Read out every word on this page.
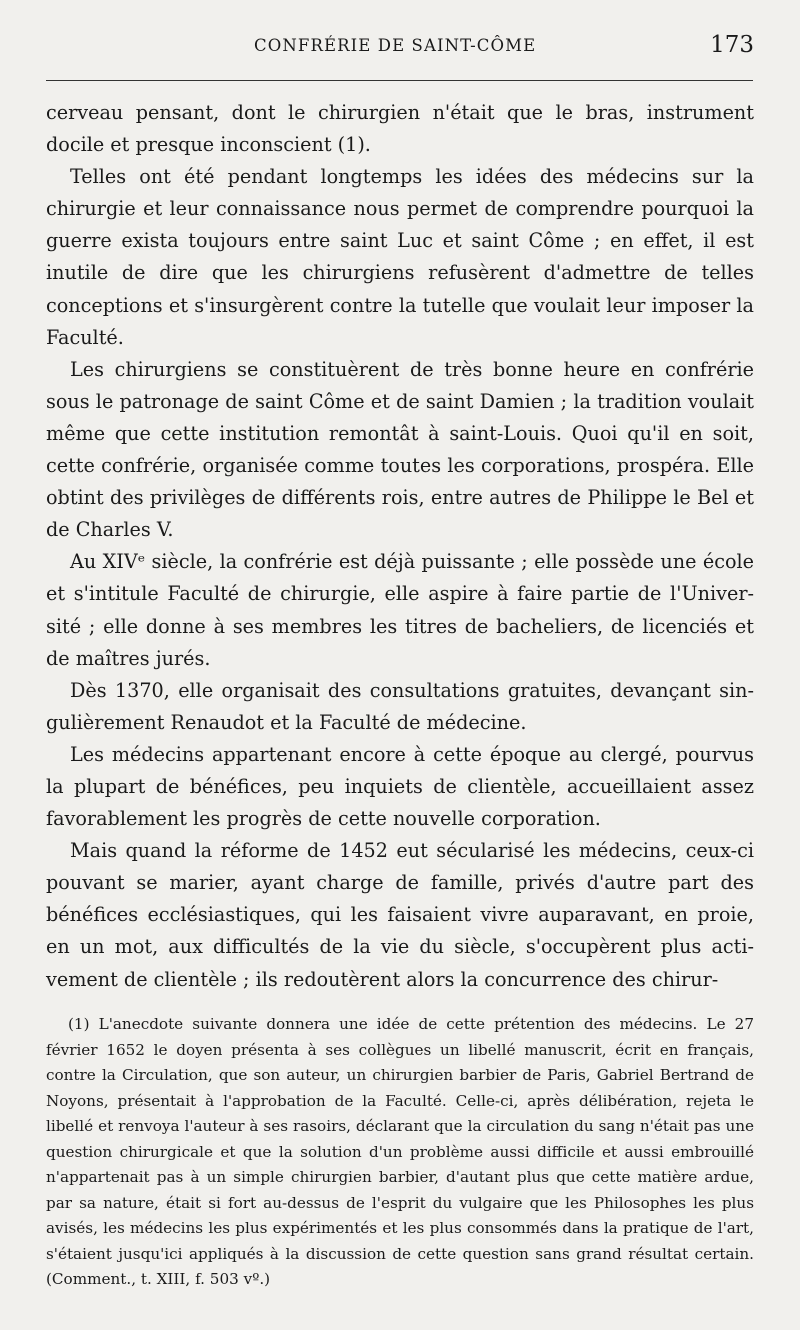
CONFRÉRIE DE SAINT-CÔME	173

cerveau pensant, dont le chirurgien n'était que le bras, instrument docile et presque inconscient (1).

Telles ont été pendant longtemps les idées des médecins sur la chirurgie et leur connaissance nous permet de comprendre pourquoi la guerre exista toujours entre saint Luc et saint Côme ; en effet, il est inutile de dire que les chirurgiens refusèrent d'admettre de telles conceptions et s'insurgèrent contre la tutelle que voulait leur imposer la Faculté.

Les chirurgiens se constituèrent de très bonne heure en confrérie sous le patronage de saint Côme et de saint Damien ; la tradition voulait même que cette institution remontât à saint-Louis. Quoi qu'il en soit, cette confrérie, organisée comme toutes les corporations, prospéra. Elle obtint des privilèges de différents rois, entre autres de Philippe le Bel et de Charles V.

Au XIVᵉ siècle, la confrérie est déjà puissante ; elle possède une école et s'intitule Faculté de chirurgie, elle aspire à faire partie de l'Université ; elle donne à ses membres les titres de bacheliers, de licenciés et de maîtres jurés.

Dès 1370, elle organisait des consultations gratuites, devançant singulièrement Renaudot et la Faculté de médecine.

Les médecins appartenant encore à cette époque au clergé, pourvus la plupart de bénéfices, peu inquiets de clientèle, accueillaient assez favorablement les progrès de cette nouvelle corporation.

Mais quand la réforme de 1452 eut sécularisé les médecins, ceux-ci pouvant se marier, ayant charge de famille, privés d'autre part des bénéfices ecclésiastiques, qui les faisaient vivre auparavant, en proie, en un mot, aux difficultés de la vie du siècle, s'occupèrent plus activement de clientèle ; ils redoutèrent alors la concurrence des chirur-

(1) L'anecdote suivante donnera une idée de cette prétention des médecins. Le 27 février 1652 le doyen présenta à ses collègues un libellé manuscrit, écrit en français, contre la Circulation, que son auteur, un chirurgien barbier de Paris, Gabriel Bertrand de Noyons, présentait à l'approbation de la Faculté. Celle-ci, après délibération, rejeta le libellé et renvoya l'auteur à ses rasoirs, déclarant que la circulation du sang n'était pas une question chirurgicale et que la solution d'un problème aussi difficile et aussi embrouillé n'appartenait pas à un simple chirurgien barbier, d'autant plus que cette matière ardue, par sa nature, était si fort au-dessus de l'esprit du vulgaire que les Philosophes les plus avisés, les médecins les plus expérimentés et les plus consommés dans la pratique de l'art, s'étaient jusqu'ici appliqués à la discussion de cette question sans grand résultat certain. (Comment., t. XIII, f. 503 vº.)
